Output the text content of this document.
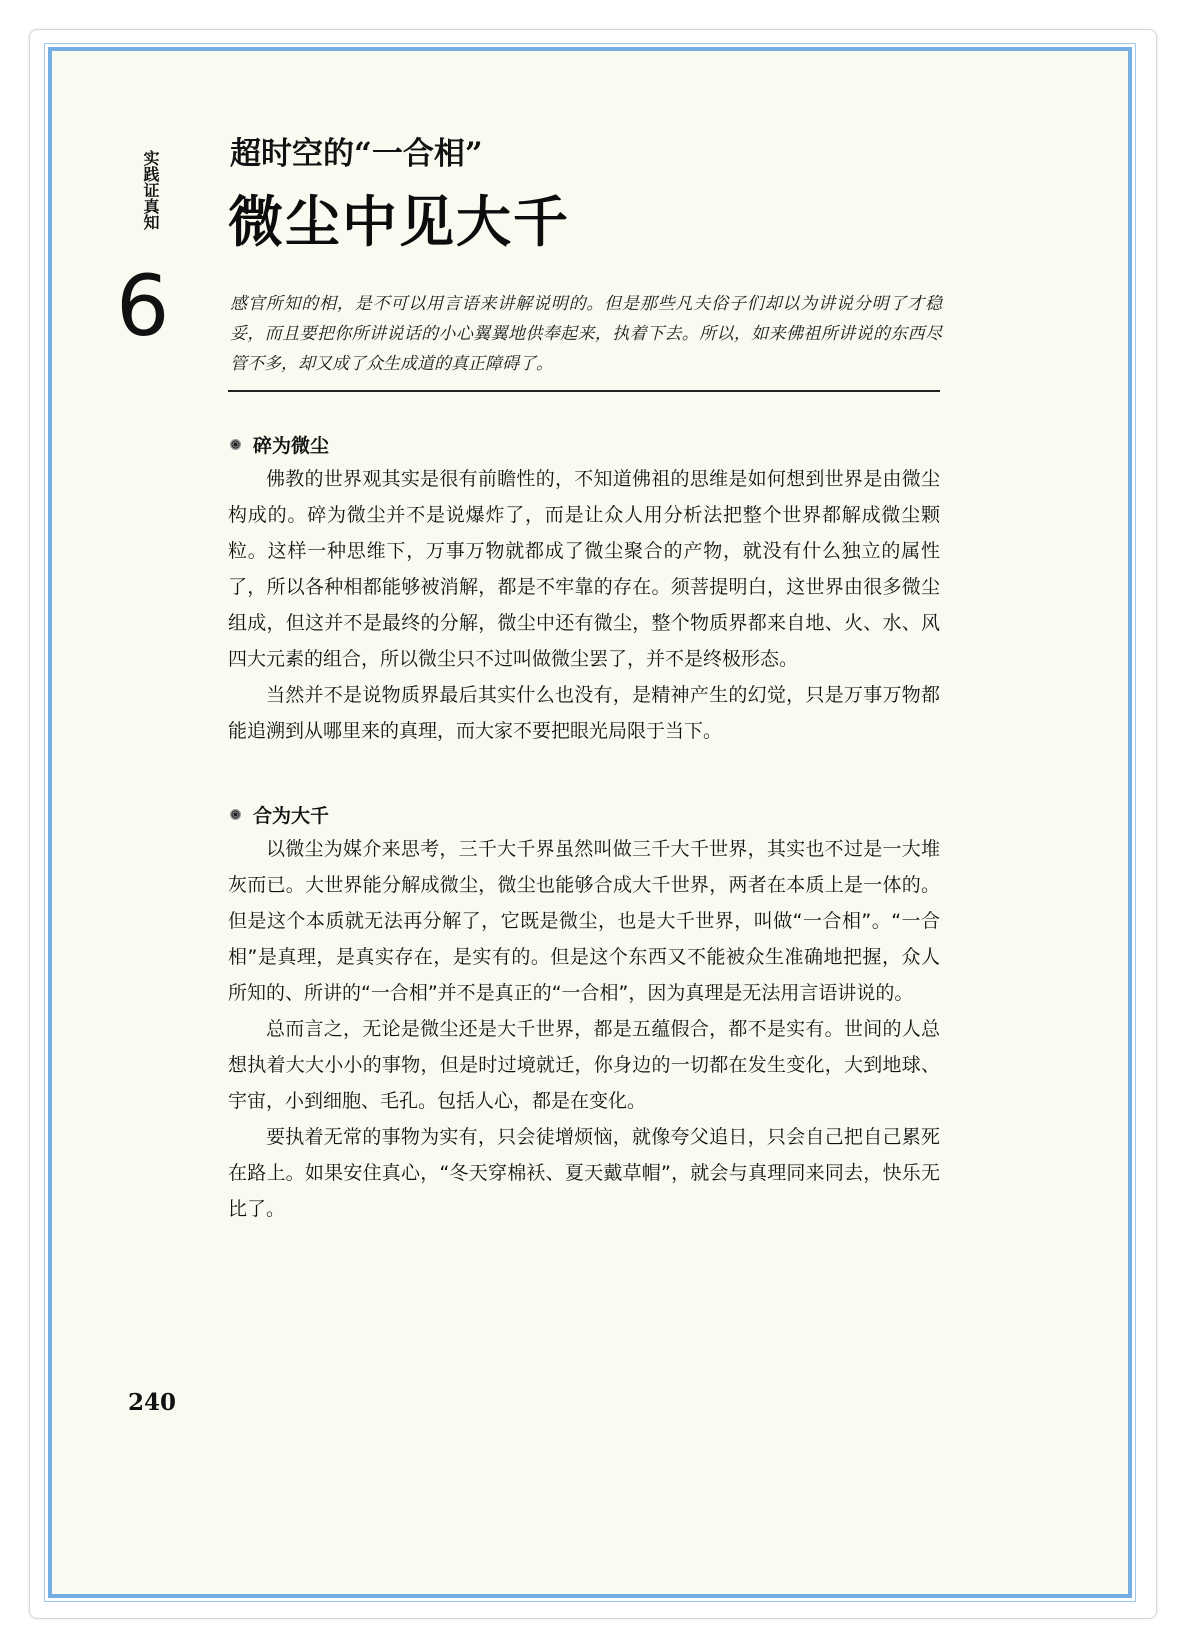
实践证真知
6
超时空的“一合相”
微尘中见大千
感官所知的相，是不可以用言语来讲解说明的。但是那些凡夫俗子们却以为讲说分明了才稳妥，而且要把你所讲说话的小心翼翼地供奉起来，执着下去。所以，如来佛祖所讲说的东西尽管不多，却又成了众生成道的真正障碍了。
碎为微尘

佛教的世界观其实是很有前瞻性的，不知道佛祖的思维是如何想到世界是由微尘构成的。碎为微尘并不是说爆炸了，而是让众人用分析法把整个世界都解成微尘颗粒。这样一种思维下，万事万物就都成了微尘聚合的产物，就没有什么独立的属性了，所以各种相都能够被消解，都是不牢靠的存在。须菩提明白，这世界由很多微尘组成，但这并不是最终的分解，微尘中还有微尘，整个物质界都来自地、火、水、风四大元素的组合，所以微尘只不过叫做微尘罢了，并不是终极形态。

当然并不是说物质界最后其实什么也没有，是精神产生的幻觉，只是万事万物都能追溯到从哪里来的真理，而大家不要把眼光局限于当下。

合为大千

以微尘为媒介来思考，三千大千界虽然叫做三千大千世界，其实也不过是一大堆灰而已。大世界能分解成微尘，微尘也能够合成大千世界，两者在本质上是一体的。但是这个本质就无法再分解了，它既是微尘，也是大千世界，叫做“一合相”。“一合相”是真理，是真实存在，是实有的。但是这个东西又不能被众生准确地把握，众人所知的、所讲的“一合相”并不是真正的“一合相”，因为真理是无法用言语讲说的。

总而言之，无论是微尘还是大千世界，都是五蕴假合，都不是实有。世间的人总想执着大大小小的事物，但是时过境就迁，你身边的一切都在发生变化，大到地球、宇宙，小到细胞、毛孔。包括人心，都是在变化。

要执着无常的事物为实有，只会徒增烦恼，就像夸父追日，只会自己把自己累死在路上。如果安住真心，“冬天穿棉袄、夏天戴草帽”，就会与真理同来同去，快乐无比了。

240
